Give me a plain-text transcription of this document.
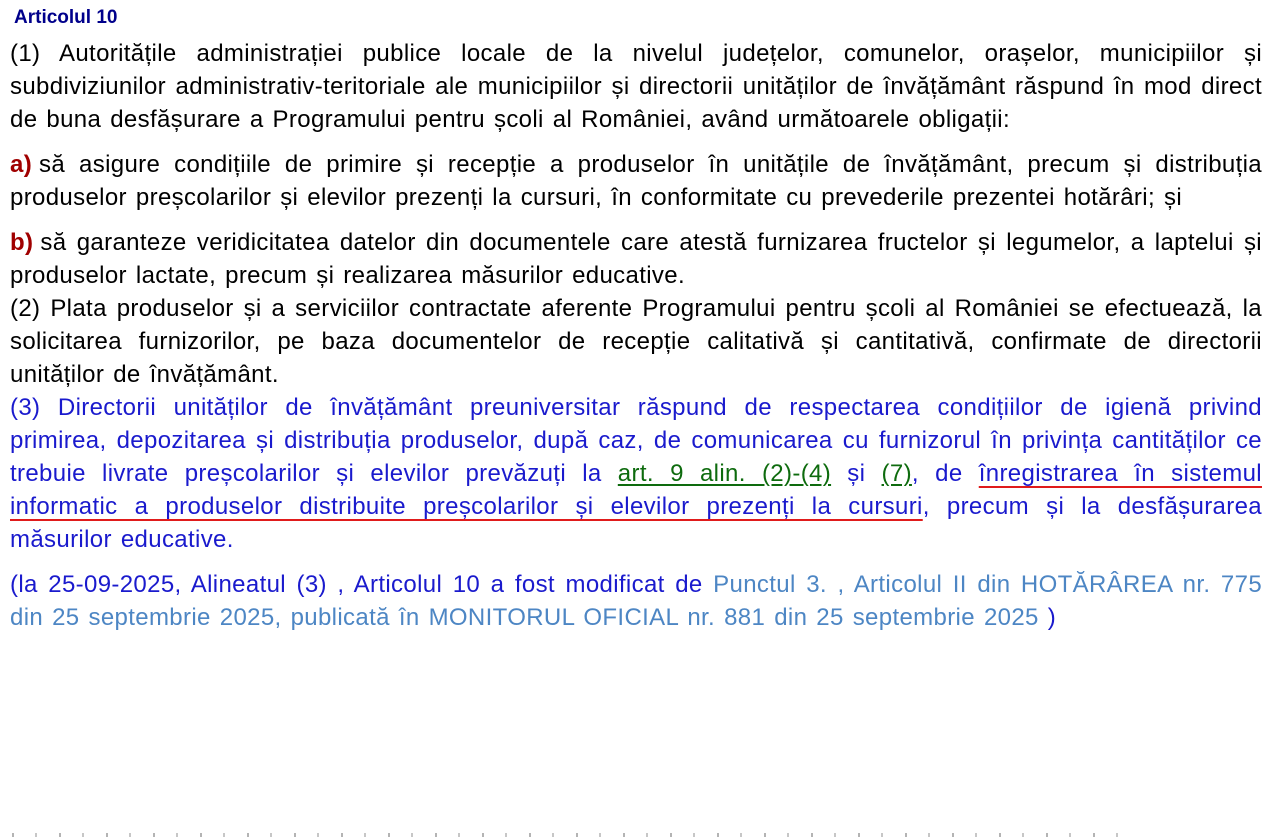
Articolul 10

(1) Autoritățile administrației publice locale de la nivelul județelor, comunelor, orașelor, municipiilor și subdiviziunilor administrativ-teritoriale ale municipiilor și directorii unităților de învățământ răspund în mod direct de buna desfășurare a Programului pentru școli al României, având următoarele obligații:

a) să asigure condițiile de primire și recepție a produselor în unitățile de învățământ, precum și distribuția produselor preșcolarilor și elevilor prezenți la cursuri, în conformitate cu prevederile prezentei hotărâri; și

b) să garanteze veridicitatea datelor din documentele care atestă furnizarea fructelor și legumelor, a laptelui și produselor lactate, precum și realizarea măsurilor educative.

(2) Plata produselor și a serviciilor contractate aferente Programului pentru școli al României se efectuează, la solicitarea furnizorilor, pe baza documentelor de recepție calitativă și cantitativă, confirmate de directorii unităților de învățământ.

(3) Directorii unităților de învățământ preuniversitar răspund de respectarea condițiilor de igienă privind primirea, depozitarea și distribuția produselor, după caz, de comunicarea cu furnizorul în privința cantităților ce trebuie livrate preșcolarilor și elevilor prevăzuți la art. 9 alin. (2)-(4) și (7), de înregistrarea în sistemul informatic a produselor distribuite preșcolarilor și elevilor prezenți la cursuri, precum și la desfășurarea măsurilor educative.

(la 25-09-2025, Alineatul (3) , Articolul 10 a fost modificat de Punctul 3. , Articolul II din HOTĂRÂREA nr. 775 din 25 septembrie 2025, publicată în MONITORUL OFICIAL nr. 881 din 25 septembrie 2025 )
